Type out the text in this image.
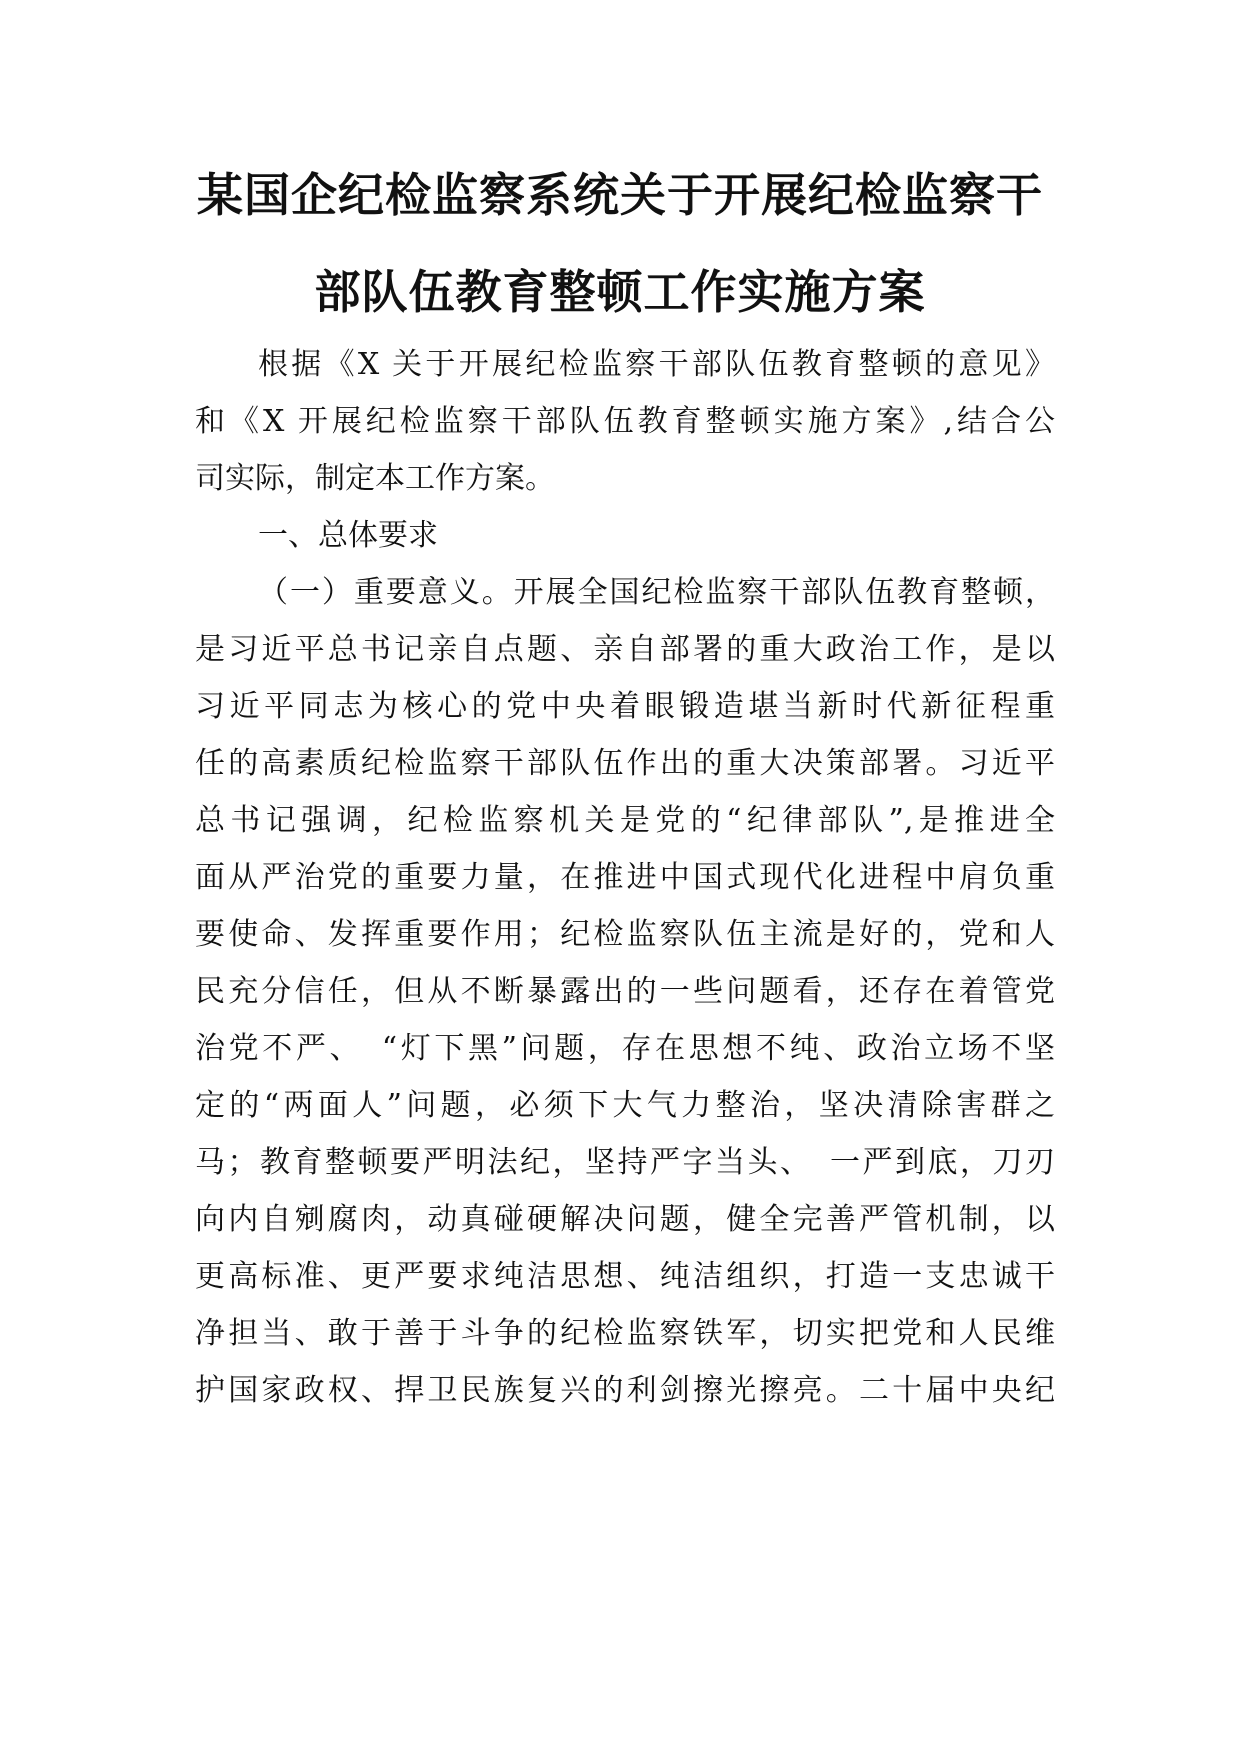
某国企纪检监察系统关于开展纪检监察干
部队伍教育整顿工作实施方案
根据《X 关于开展纪检监察干部队伍教育整顿的意见》
和《X 开展纪检监察干部队伍教育整顿实施方案》,结合公
司实际，制定本工作方案。
一、总体要求
（一）重要意义。开展全国纪检监察干部队伍教育整顿，
是习近平总书记亲自点题、亲自部署的重大政治工作，是以
习近平同志为核心的党中央着眼锻造堪当新时代新征程重
任的高素质纪检监察干部队伍作出的重大决策部署。习近平
总书记强调，纪检监察机关是党的“纪律部队”,是推进全
面从严治党的重要力量，在推进中国式现代化进程中肩负重
要使命、发挥重要作用；纪检监察队伍主流是好的，党和人
民充分信任，但从不断暴露出的一些问题看，还存在着管党
治党不严、　“灯下黑”问题，存在思想不纯、政治立场不坚
定的“两面人”问题，必须下大气力整治，坚决清除害群之
马；教育整顿要严明法纪，坚持严字当头、　一严到底，刀刃
向内自剜腐肉，动真碰硬解决问题，健全完善严管机制，以
更高标准、更严要求纯洁思想、纯洁组织，打造一支忠诚干
净担当、敢于善于斗争的纪检监察铁军，切实把党和人民维
护国家政权、捍卫民族复兴的利剑擦光擦亮。二十届中央纪
